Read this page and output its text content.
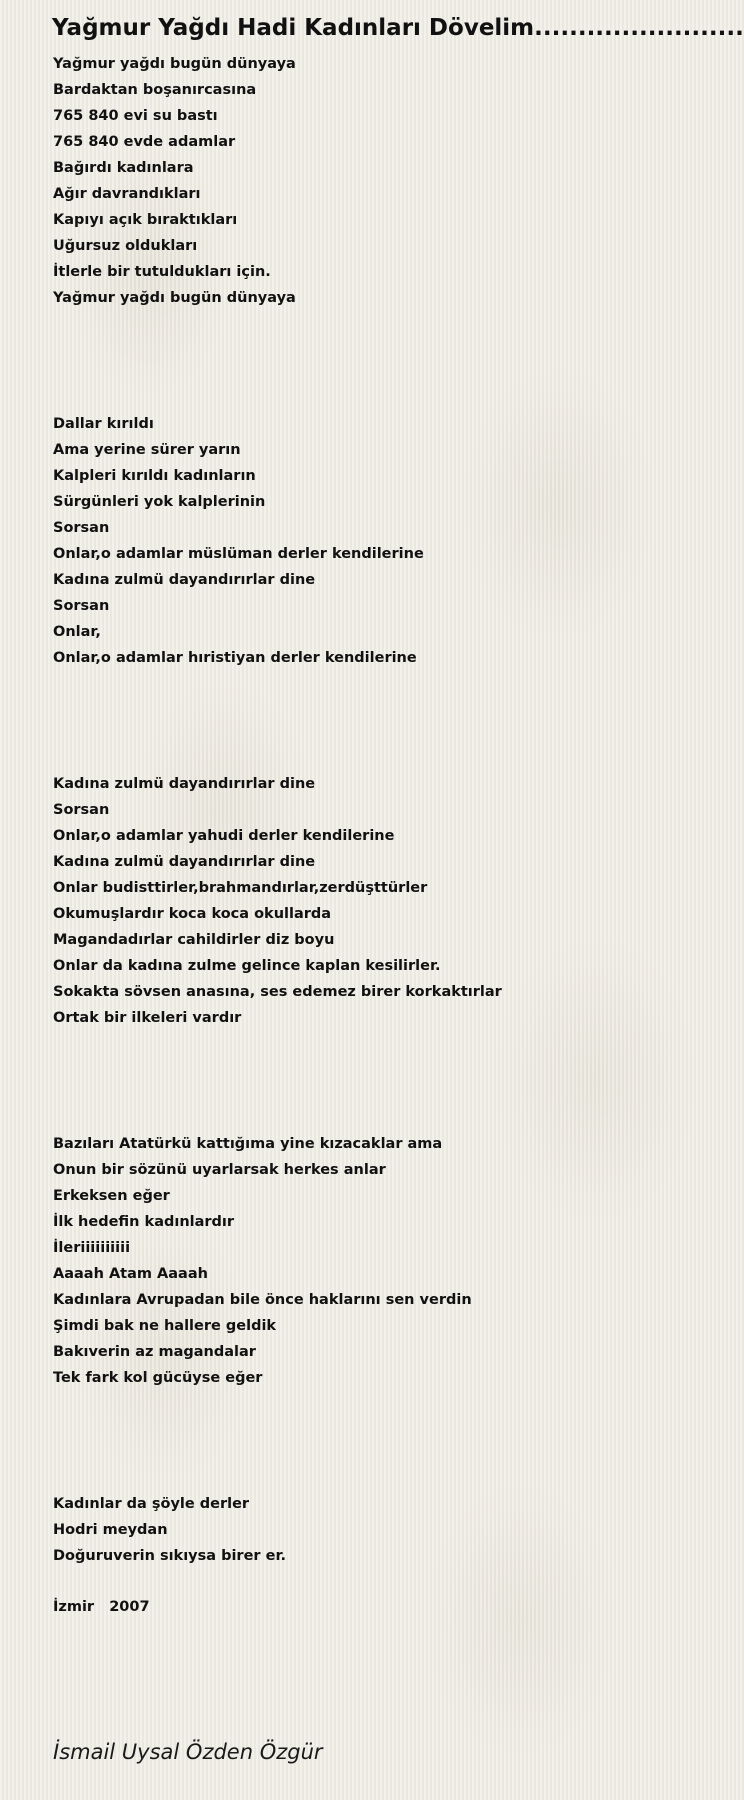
Yağmur Yağdı Hadi Kadınları Dövelim........................
Yağmur yağdı bugün dünyaya
Bardaktan boşanırcasına
765 840 evi su bastı
765 840 evde adamlar
Bağırdı kadınlara
Ağır davrandıkları
Kapıyı açık bıraktıkları
Uğursuz oldukları
İtlerle bir tutuldukları için.
Yağmur yağdı bugün dünyaya
Dallar kırıldı
Ama yerine sürer yarın
Kalpleri kırıldı kadınların
Sürgünleri yok kalplerinin
Sorsan
Onlar,o adamlar müslüman derler kendilerine
Kadına zulmü dayandırırlar dine
Sorsan
Onlar,
Onlar,o adamlar hıristiyan derler kendilerine
Kadına zulmü dayandırırlar dine
Sorsan
Onlar,o adamlar yahudi derler kendilerine
Kadına zulmü dayandırırlar dine
Onlar budisttirler,brahmandırlar,zerdüşttürler
Okumuşlardır koca koca okullarda
Magandadırlar cahildirler diz boyu
Onlar da kadına zulme gelince kaplan kesilirler.
Sokakta sövsen anasına, ses edemez birer korkaktırlar
Ortak bir ilkeleri vardır
Bazıları Atatürkü kattığıma yine kızacaklar ama
Onun bir sözünü uyarlarsak herkes anlar
Erkeksen eğer
İlk hedefin kadınlardır
İleriiiiiiiiii
Aaaah Atam Aaaah
Kadınlara Avrupadan bile önce haklarını sen verdin
Şimdi bak ne hallere geldik
Bakıverin az magandalar
Tek fark kol gücüyse eğer
Kadınlar da şöyle derler
Hodri meydan
Doğuruverin sıkıysa birer er.
İzmir   2007
İsmail Uysal Özden Özgür
